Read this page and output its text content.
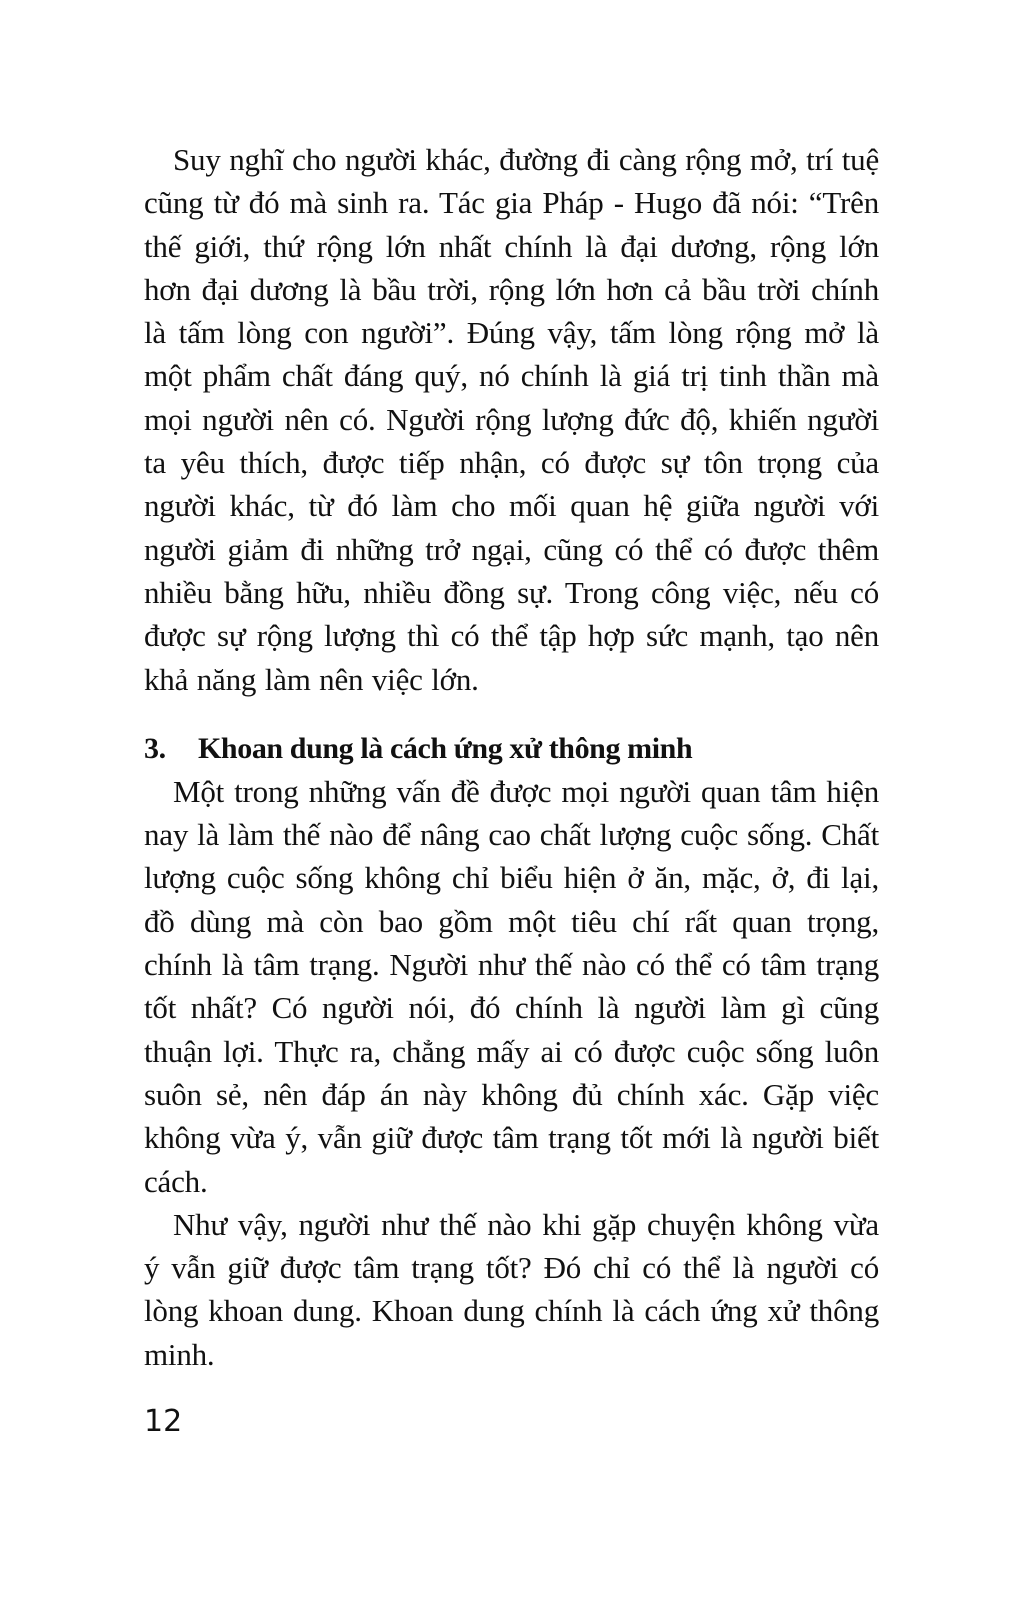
Suy nghĩ cho người khác, đường đi càng rộng mở, trí tuệ cũng từ đó mà sinh ra. Tác gia Pháp - Hugo đã nói: “Trên thế giới, thứ rộng lớn nhất chính là đại dương, rộng lớn hơn đại dương là bầu trời, rộng lớn hơn cả bầu trời chính là tấm lòng con người”. Đúng vậy, tấm lòng rộng mở là một phẩm chất đáng quý, nó chính là giá trị tinh thần mà mọi người nên có. Người rộng lượng đức độ, khiến người ta yêu thích, được tiếp nhận, có được sự tôn trọng của người khác, từ đó làm cho mối quan hệ giữa người với người giảm đi những trở ngại, cũng có thể có được thêm nhiều bằng hữu, nhiều đồng sự. Trong công việc, nếu có được sự rộng lượng thì có thể tập hợp sức mạnh, tạo nên khả năng làm nên việc lớn.

3.	Khoan dung là cách ứng xử thông minh

Một trong những vấn đề được mọi người quan tâm hiện nay là làm thế nào để nâng cao chất lượng cuộc sống. Chất lượng cuộc sống không chỉ biểu hiện ở ăn, mặc, ở, đi lại, đồ dùng mà còn bao gồm một tiêu chí rất quan trọng, chính là tâm trạng. Người như thế nào có thể có tâm trạng tốt nhất? Có người nói, đó chính là người làm gì cũng thuận lợi. Thực ra, chẳng mấy ai có được cuộc sống luôn suôn sẻ, nên đáp án này không đủ chính xác. Gặp việc không vừa ý, vẫn giữ được tâm trạng tốt mới là người biết cách.

Như vậy, người như thế nào khi gặp chuyện không vừa ý vẫn giữ được tâm trạng tốt? Đó chỉ có thể là người có lòng khoan dung. Khoan dung chính là cách ứng xử thông minh.

12
